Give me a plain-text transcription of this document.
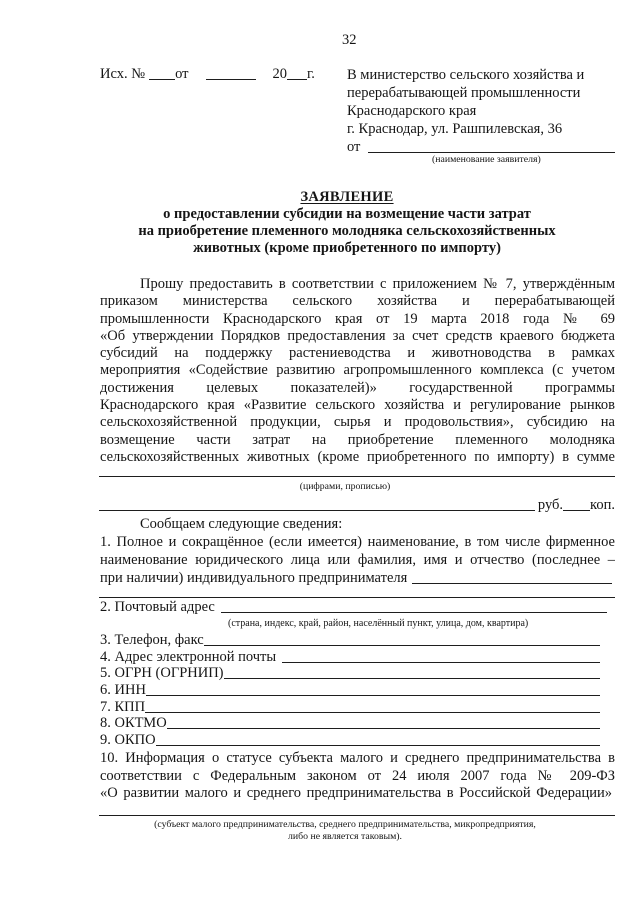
32
Исх. № от	20 г. В министерство сельского хозяйства и
перерабатывающей промышленности
Краснодарского края
г. Краснодар, ул. Рашпилевская, 36
от
(наименование заявителя)
ЗАЯВЛЕНИЕ
о предоставлении субсидии на возмещение части затрат
на приобретение племенного молодняка сельскохозяйственных
животных (кроме приобретенного по импорту)
Прошу предоставить в соответствии с приложением № 7, утверждённым
приказом министерства сельского хозяйства и перерабатывающей
промышленности Краснодарского края от 19 марта 2018 года № 69
«Об утверждении Порядков предоставления за счет средств краевого бюджета
субсидий на поддержку растениеводства и животноводства в рамках
мероприятия «Содействие развитию агропромышленного комплекса (с учетом
достижения целевых показателей)» государственной программы
Краснодарского края «Развитие сельского хозяйства и регулирование рынков
сельскохозяйственной продукции, сырья и продовольствия», субсидию на
возмещение части затрат на приобретение племенного молодняка
сельскохозяйственных животных (кроме приобретенного по импорту) в сумме
(цифрами, прописью)
руб. коп.
Сообщаем следующие сведения:
1. Полное и сокращённое (если имеется) наименование, в том числе фирменное
наименование юридического лица или фамилия, имя и отчество (последнее –
при наличии) индивидуального предпринимателя
2. Почтовый адрес
(страна, индекс, край, район, населённый пункт, улица, дом, квартира)
3. Телефон, факс
4. Адрес электронной почты
5. ОГРН (ОГРНИП)
6. ИНН
7. КПП
8. ОКТМО
9. ОКПО
10. Информация о статусе субъекта малого и среднего предпринимательства в
соответствии с Федеральным законом от 24 июля 2007 года № 209-ФЗ
«О развитии малого и среднего предпринимательства в Российской Федерации»
(субъект малого предпринимательства, среднего предпринимательства, микропредприятия,
либо не является таковым).
